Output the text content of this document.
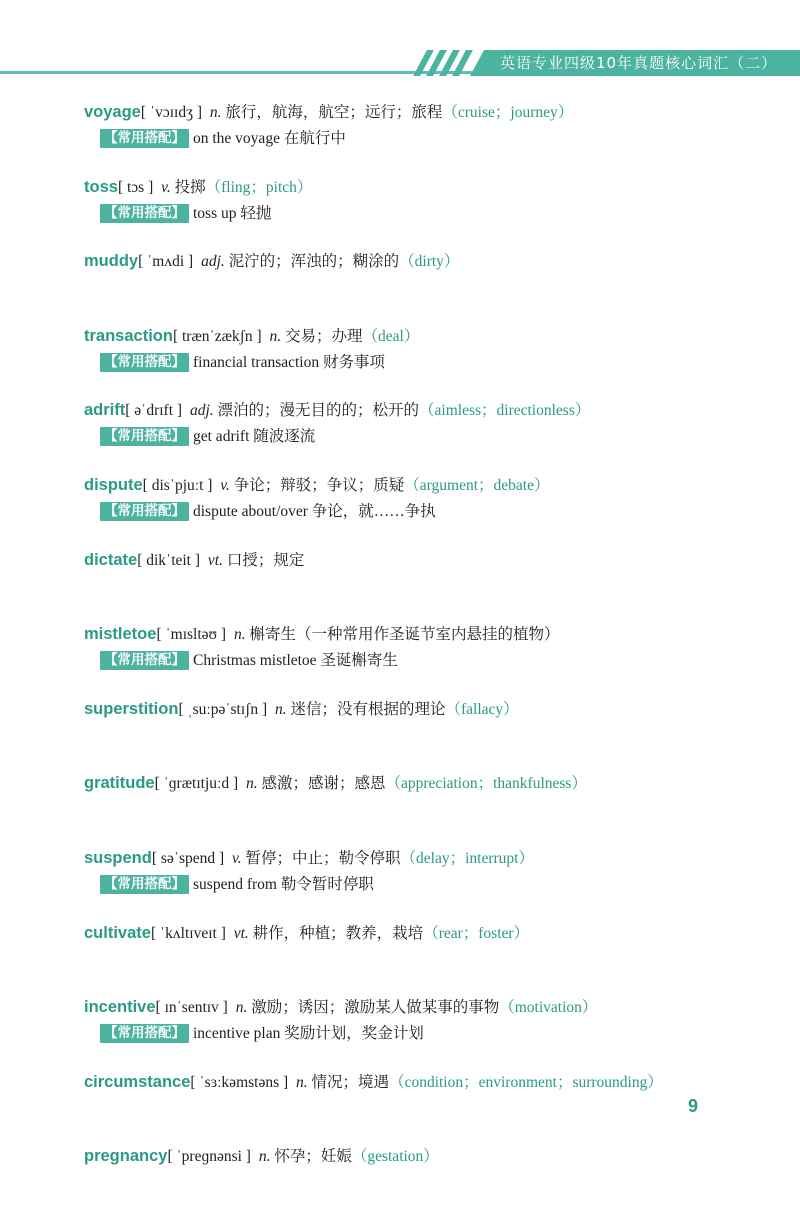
英语专业四级10年真题核心词汇（二）
voyage[ ˈvɔɪɪdʒ ] n. 旅行，航海，航空；远行；旅程（cruise；journey）
【常用搭配】 on the voyage 在航行中
toss[ tɔs ] v. 投掷（fling；pitch）
【常用搭配】 toss up 轻抛
muddy[ ˈmʌdi ] adj. 泥泞的；浑浊的；糊涂的（dirty）
transaction[ trænˈzækʃn ] n. 交易；办理（deal）
【常用搭配】 financial transaction 财务事项
adrift[ əˈdrɪft ] adj. 漂泊的；漫无目的的；松开的（aimless；directionless）
【常用搭配】 get adrift 随波逐流
dispute[ disˈpjuːt ] v. 争论；辩驳；争议；质疑（argument；debate）
【常用搭配】 dispute about/over 争论，就……争执
dictate[ dikˈteit ] vt. 口授；规定
mistletoe[ ˈmɪsltəʊ ] n. 槲寄生（一种常用作圣诞节室内悬挂的植物）
【常用搭配】 Christmas mistletoe 圣诞槲寄生
superstition[ ˌsuːpəˈstɪʃn ] n. 迷信；没有根据的理论（fallacy）
gratitude[ ˈɡrætɪtjuːd ] n. 感激；感谢；感恩（appreciation；thankfulness）
suspend[ səˈspend ] v. 暂停；中止；勒令停职（delay；interrupt）
【常用搭配】 suspend from 勒令暂时停职
cultivate[ ˈkʌltɪveɪt ] vt. 耕作，种植；教养，栽培（rear；foster）
incentive[ ɪnˈsentɪv ] n. 激励；诱因；激励某人做某事的事物（motivation）
【常用搭配】 incentive plan 奖励计划，奖金计划
circumstance[ ˈsɜːkəmstəns ] n. 情况；境遇（condition；environment；surrounding）
pregnancy[ ˈpreɡnənsi ] n. 怀孕；妊娠（gestation）
9
